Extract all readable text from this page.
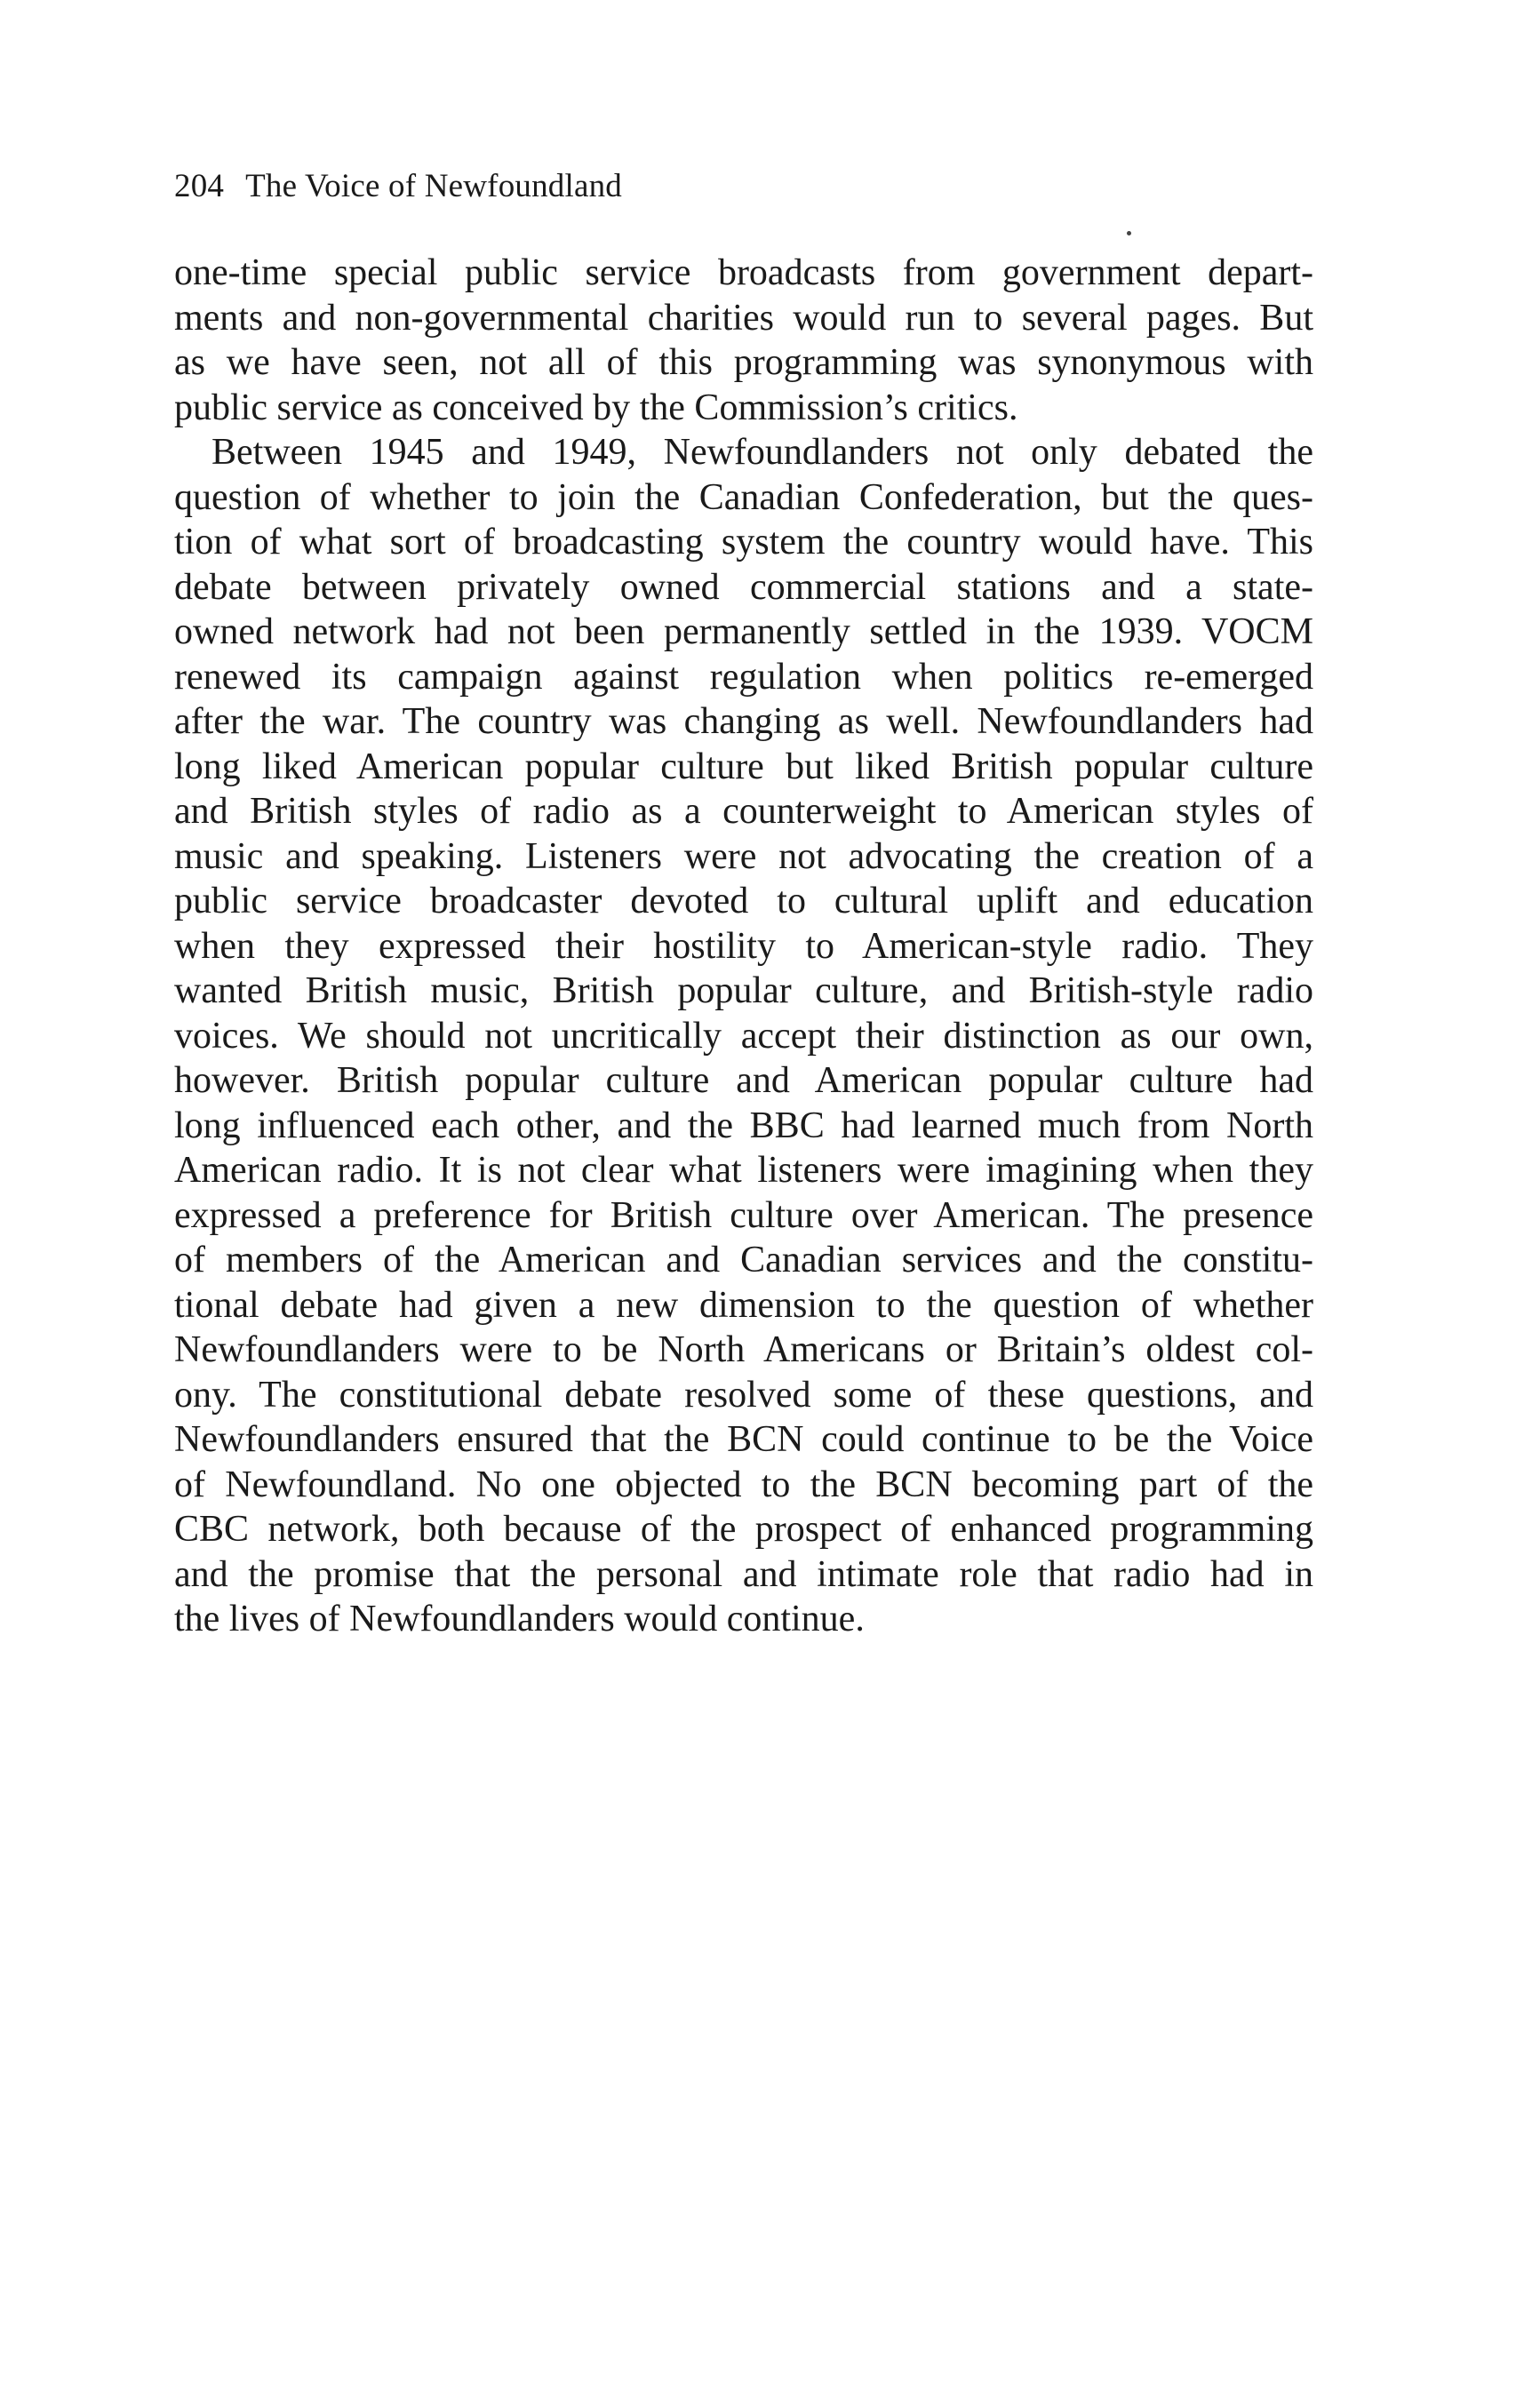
204 The Voice of Newfoundland
one-time special public service broadcasts from government depart-
ments and non-governmental charities would run to several pages. But
as we have seen, not all of this programming was synonymous with
public service as conceived by the Commission’s critics.
Between 1945 and 1949, Newfoundlanders not only debated the
question of whether to join the Canadian Confederation, but the ques-
tion of what sort of broadcasting system the country would have. This
debate between privately owned commercial stations and a state-
owned network had not been permanently settled in the 1939. VOCM
renewed its campaign against regulation when politics re-emerged
after the war. The country was changing as well. Newfoundlanders had
long liked American popular culture but liked British popular culture
and British styles of radio as a counterweight to American styles of
music and speaking. Listeners were not advocating the creation of a
public service broadcaster devoted to cultural uplift and education
when they expressed their hostility to American-style radio. They
wanted British music, British popular culture, and British-style radio
voices. We should not uncritically accept their distinction as our own,
however. British popular culture and American popular culture had
long influenced each other, and the BBC had learned much from North
American radio. It is not clear what listeners were imagining when they
expressed a preference for British culture over American. The presence
of members of the American and Canadian services and the constitu-
tional debate had given a new dimension to the question of whether
Newfoundlanders were to be North Americans or Britain’s oldest col-
ony. The constitutional debate resolved some of these questions, and
Newfoundlanders ensured that the BCN could continue to be the Voice
of Newfoundland. No one objected to the BCN becoming part of the
CBC network, both because of the prospect of enhanced programming
and the promise that the personal and intimate role that radio had in
the lives of Newfoundlanders would continue.
